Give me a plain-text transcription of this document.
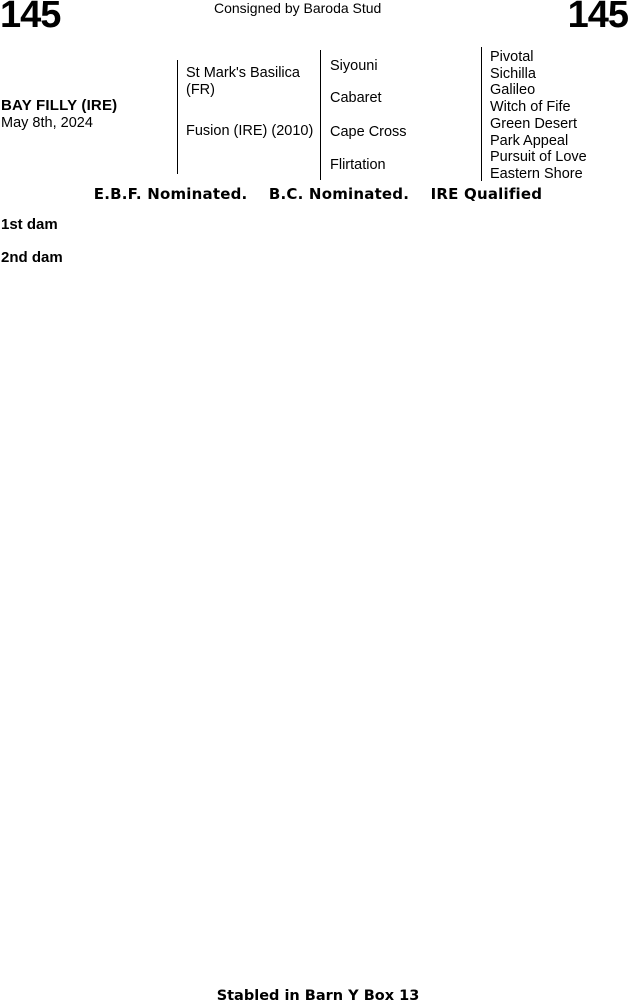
145	Consigned by Baroda Stud	145
BAY FILLY (IRE)
May 8th, 2024
St Mark's Basilica (FR)
Fusion (IRE) (2010)
Siyouni
Cabaret
Cape Cross
Flirtation
Pivotal
Sichilla
Galileo
Witch of Fife
Green Desert
Park Appeal
Pursuit of Love
Eastern Shore
E.B.F. Nominated. B.C. Nominated. IRE Qualified

1st dam

2nd dam

Stabled in Barn Y Box 13
